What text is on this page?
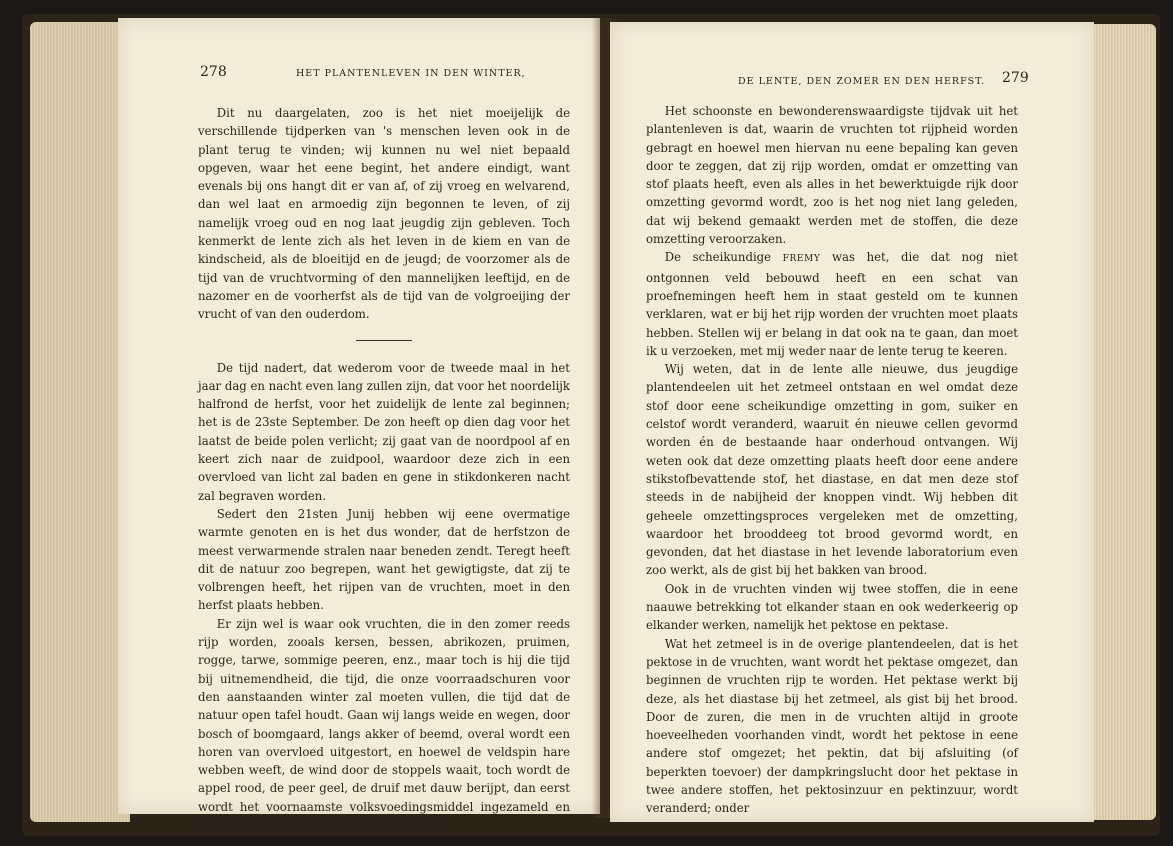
278	HET PLANTENLEVEN IN DEN WINTER,

Dit nu daargelaten, zoo is het niet moeijelijk de verschillende tijdperken van 's menschen leven ook in de plant terug te vinden; wij kunnen nu wel niet bepaald opgeven, waar het eene begint, het andere eindigt, want evenals bij ons hangt dit er van af, of zij vroeg en welvarend, dan wel laat en armoedig zijn begonnen te leven, of zij namelijk vroeg oud en nog laat jeugdig zijn gebleven. Toch kenmerkt de lente zich als het leven in de kiem en van de kindscheid, als de bloeitijd en de jeugd; de voorzomer als de tijd van de vruchtvorming of den mannelijken leeftijd, en de nazomer en de voorherfst als de tijd van de volgroeijing der vrucht of van den ouderdom.

De tijd nadert, dat wederom voor de tweede maal in het jaar dag en nacht even lang zullen zijn, dat voor het noordelijk halfrond de herfst, voor het zuidelijk de lente zal beginnen; het is de 23ste September. De zon heeft op dien dag voor het laatst de beide polen verlicht; zij gaat van de noordpool af en keert zich naar de zuidpool, waardoor deze zich in een overvloed van licht zal baden en gene in stikdonkeren nacht zal begraven worden.

Sedert den 21sten Junij hebben wij eene overmatige warmte genoten en is het dus wonder, dat de herfstzon de meest verwarmende stralen naar beneden zendt. Teregt heeft dit de natuur zoo begrepen, want het gewigtigste, dat zij te volbrengen heeft, het rijpen van de vruchten, moet in den herfst plaats hebben.

Er zijn wel is waar ook vruchten, die in den zomer reeds rijp worden, zooals kersen, bessen, abrikozen, pruimen, rogge, tarwe, sommige peeren, enz., maar toch is hij die tijd bij uitnemendheid, die tijd, die onze voorraadschuren voor den aanstaanden winter zal moeten vullen, die tijd dat de natuur open tafel houdt. Gaan wij langs weide en wegen, door bosch of boomgaard, langs akker of beemd, overal wordt een horen van overvloed uitgestort, en hoewel de veldspin hare webben weeft, de wind door de stoppels waait, toch wordt de appel rood, de peer geel, de druif met dauw berijpt, dan eerst wordt het voornaamste volksvoedingsmiddel ingezameld en kan men zeggen de HERFST is begonnen.

DE LENTE, DEN ZOMER EN DEN HERFST. 279

Het schoonste en bewonderenswaardigste tijdvak uit het plantenleven is dat, waarin de vruchten tot rijpheid worden gebragt en hoewel men hiervan nu eene bepaling kan geven door te zeggen, dat zij rijp worden, omdat er omzetting van stof plaats heeft, even als alles in het bewerktuigde rijk door omzetting gevormd wordt, zoo is het nog niet lang geleden, dat wij bekend gemaakt werden met de stoffen, die deze omzetting veroorzaken.

De scheikundige FREMY was het, die dat nog niet ontgonnen veld bebouwd heeft en een schat van proefnemingen heeft hem in staat gesteld om te kunnen verklaren, wat er bij het rijp worden der vruchten moet plaats hebben. Stellen wij er belang in dat ook na te gaan, dan moet ik u verzoeken, met mij weder naar de lente terug te keeren.

Wij weten, dat in de lente alle nieuwe, dus jeugdige plantendeelen uit het zetmeel ontstaan en wel omdat deze stof door eene scheikundige omzetting in gom, suiker en celstof wordt veranderd, waaruit én nieuwe cellen gevormd worden én de bestaande haar onderhoud ontvangen. Wij weten ook dat deze omzetting plaats heeft door eene andere stikstofbevattende stof, het diastase, en dat men deze stof steeds in de nabijheid der knoppen vindt. Wij hebben dit geheele omzettingsproces vergeleken met de omzetting, waardoor het brooddeeg tot brood gevormd wordt, en gevonden, dat het diastase in het levende laboratorium even zoo werkt, als de gist bij het bakken van brood.

Ook in de vruchten vinden wij twee stoffen, die in eene naauwe betrekking tot elkander staan en ook wederkeerig op elkander werken, namelijk het pektose en pektase.

Wat het zetmeel is in de overige plantendeelen, dat is het pektose in de vruchten, want wordt het pektase omgezet, dan beginnen de vruchten rijp te worden. Het pektase werkt bij deze, als het diastase bij het zetmeel, als gist bij het brood. Door de zuren, die men in de vruchten altijd in groote hoeveelheden voorhanden vindt, wordt het pektose in eene andere stof omgezet; het pektin, dat bij afsluiting (of beperkten toevoer) der dampkringslucht door het pektase in twee andere stoffen, het pektosinzuur en pektinzuur, wordt veranderd; onder
